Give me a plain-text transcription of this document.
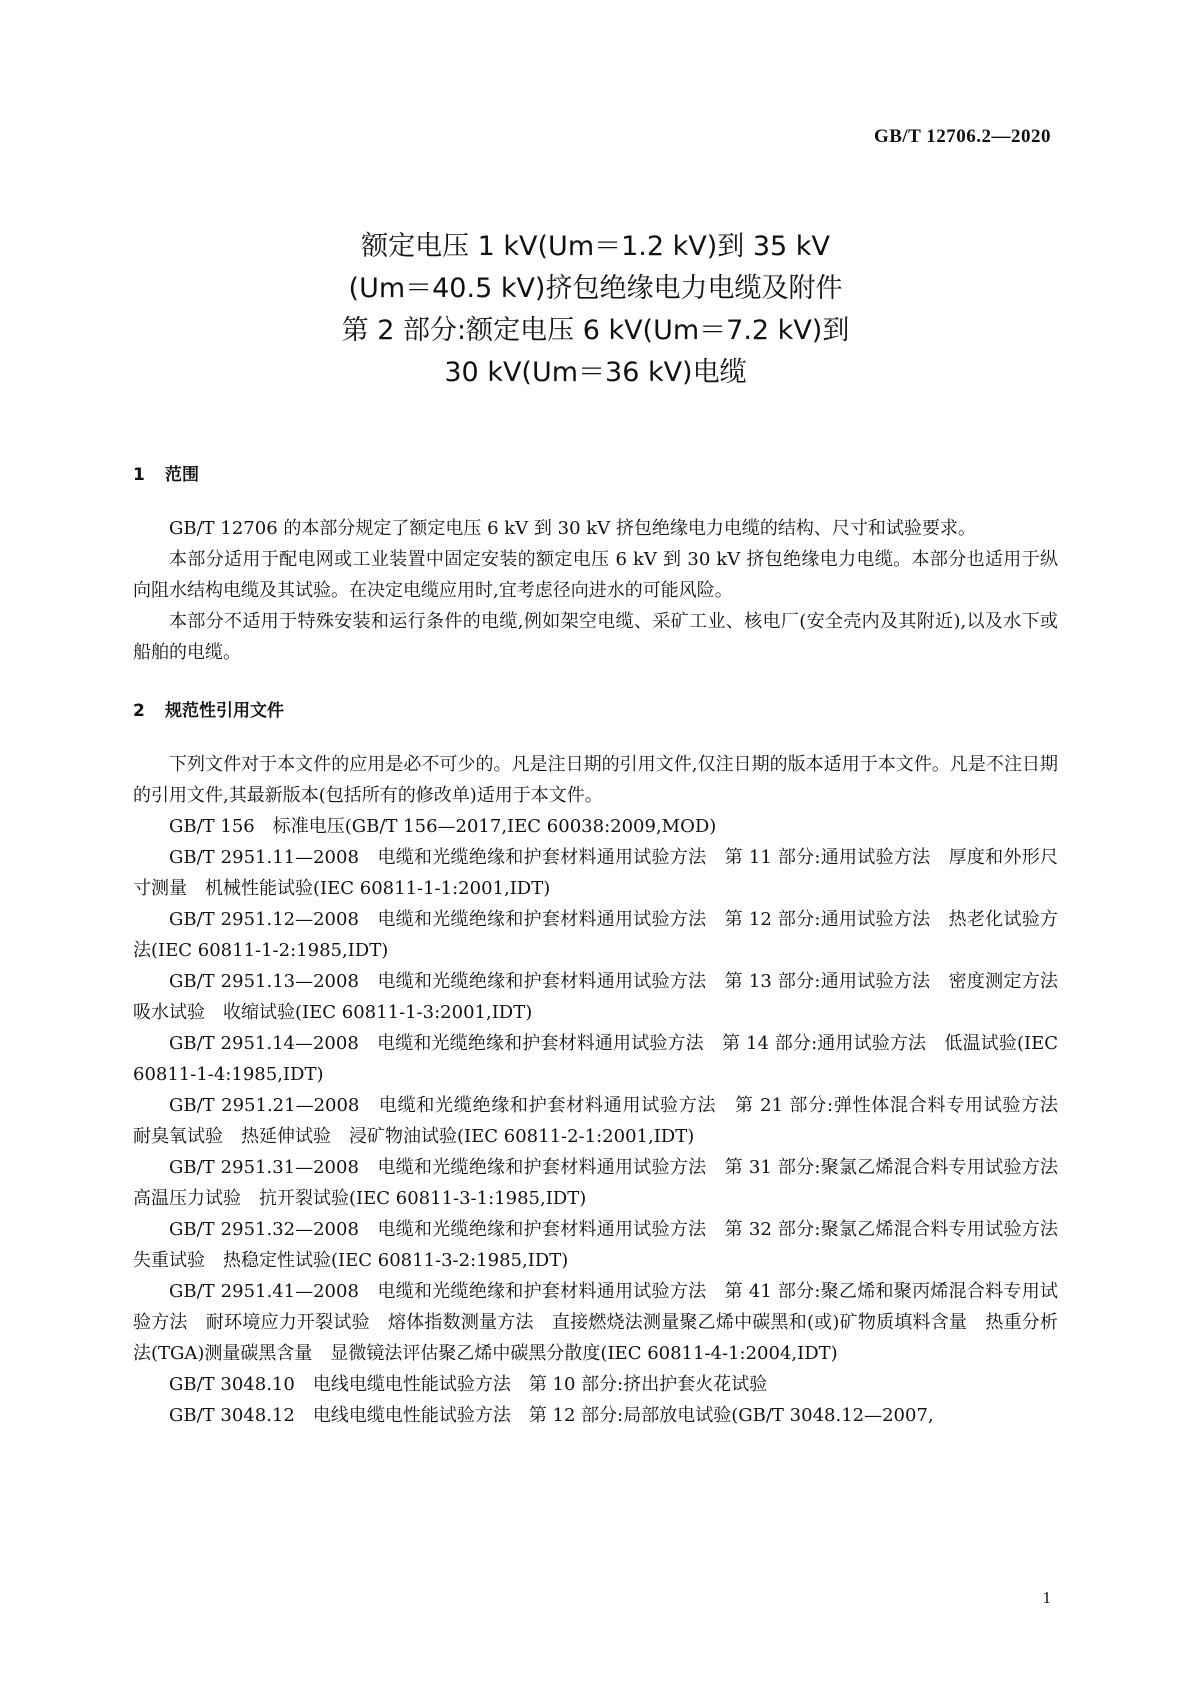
GB/T 12706.2—2020
额定电压 1 kV(Um＝1.2 kV)到 35 kV
(Um＝40.5 kV)挤包绝缘电力电缆及附件
第 2 部分:额定电压 6 kV(Um＝7.2 kV)到
30 kV(Um＝36 kV)电缆
1 范围

GB/T 12706 的本部分规定了额定电压 6 kV 到 30 kV 挤包绝缘电力电缆的结构、尺寸和试验要求。

本部分适用于配电网或工业装置中固定安装的额定电压 6 kV 到 30 kV 挤包绝缘电力电缆。本部分也适用于纵向阻水结构电缆及其试验。在决定电缆应用时,宜考虑径向进水的可能风险。

本部分不适用于特殊安装和运行条件的电缆,例如架空电缆、采矿工业、核电厂(安全壳内及其附近),以及水下或船舶的电缆。

2 规范性引用文件

下列文件对于本文件的应用是必不可少的。凡是注日期的引用文件,仅注日期的版本适用于本文件。凡是不注日期的引用文件,其最新版本(包括所有的修改单)适用于本文件。

GB/T 156　标准电压(GB/T 156—2017,IEC 60038:2009,MOD)

GB/T 2951.11—2008　电缆和光缆绝缘和护套材料通用试验方法　第 11 部分:通用试验方法　厚度和外形尺寸测量　机械性能试验(IEC 60811-1-1:2001,IDT)

GB/T 2951.12—2008　电缆和光缆绝缘和护套材料通用试验方法　第 12 部分:通用试验方法　热老化试验方法(IEC 60811-1-2:1985,IDT)

GB/T 2951.13—2008　电缆和光缆绝缘和护套材料通用试验方法　第 13 部分:通用试验方法　密度测定方法　吸水试验　收缩试验(IEC 60811-1-3:2001,IDT)

GB/T 2951.14—2008　电缆和光缆绝缘和护套材料通用试验方法　第 14 部分:通用试验方法　低温试验(IEC 60811-1-4:1985,IDT)

GB/T 2951.21—2008　电缆和光缆绝缘和护套材料通用试验方法　第 21 部分:弹性体混合料专用试验方法　耐臭氧试验　热延伸试验　浸矿物油试验(IEC 60811-2-1:2001,IDT)

GB/T 2951.31—2008　电缆和光缆绝缘和护套材料通用试验方法　第 31 部分:聚氯乙烯混合料专用试验方法　高温压力试验　抗开裂试验(IEC 60811-3-1:1985,IDT)

GB/T 2951.32—2008　电缆和光缆绝缘和护套材料通用试验方法　第 32 部分:聚氯乙烯混合料专用试验方法　失重试验　热稳定性试验(IEC 60811-3-2:1985,IDT)

GB/T 2951.41—2008　电缆和光缆绝缘和护套材料通用试验方法　第 41 部分:聚乙烯和聚丙烯混合料专用试验方法　耐环境应力开裂试验　熔体指数测量方法　直接燃烧法测量聚乙烯中碳黑和(或)矿物质填料含量　热重分析法(TGA)测量碳黑含量　显微镜法评估聚乙烯中碳黑分散度(IEC 60811-4-1:2004,IDT)

GB/T 3048.10　电线电缆电性能试验方法　第 10 部分:挤出护套火花试验

GB/T 3048.12　电线电缆电性能试验方法　第 12 部分:局部放电试验(GB/T 3048.12—2007,

1
